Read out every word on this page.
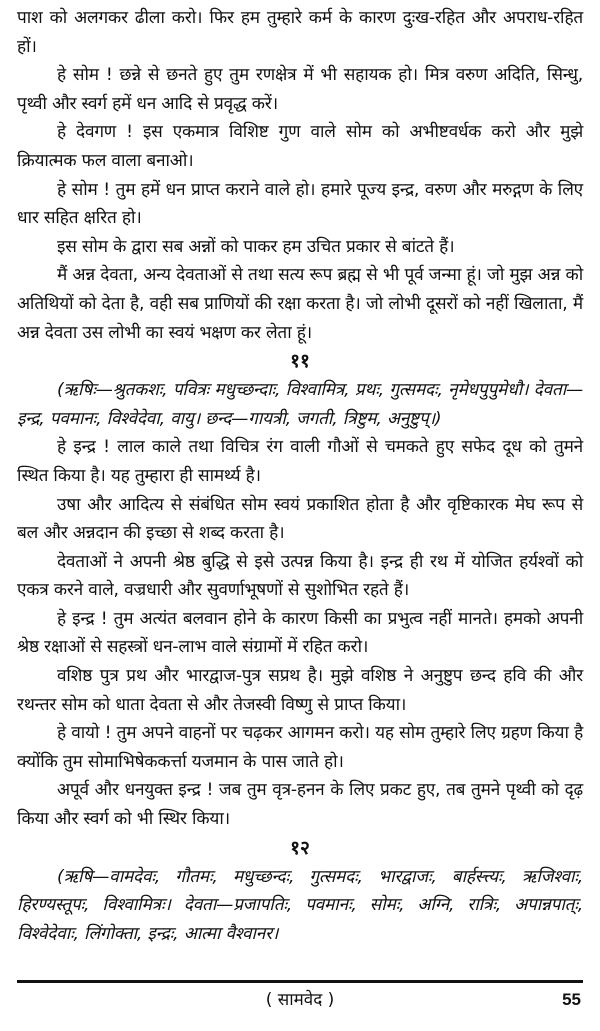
पाश को अलगकर ढीला करो। फिर हम तुम्हारे कर्म के कारण दुःख-रहित और अपराध-रहित हों।

हे सोम ! छन्ने से छनते हुए तुम रणक्षेत्र में भी सहायक हो। मित्र वरुण अदिति, सिन्धु, पृथ्वी और स्वर्ग हमें धन आदि से प्रवृद्ध करें।

हे देवगण ! इस एकमात्र विशिष्ट गुण वाले सोम को अभीष्टवर्धक करो और मुझे क्रियात्मक फल वाला बनाओ।

हे सोम ! तुम हमें धन प्राप्त कराने वाले हो। हमारे पूज्य इन्द्र, वरुण और मरुद्गण के लिए धार सहित क्षरित हो।

इस सोम के द्वारा सब अन्नों को पाकर हम उचित प्रकार से बांटते हैं।

मैं अन्न देवता, अन्य देवताओं से तथा सत्य रूप ब्रह्म से भी पूर्व जन्मा हूं। जो मुझ अन्न को अतिथियों को देता है, वही सब प्राणियों की रक्षा करता है। जो लोभी दूसरों को नहीं खिलाता, मैं अन्न देवता उस लोभी का स्वयं भक्षण कर लेता हूं।

११

(ऋषिः—श्रुतकशः, पवित्रः मधुच्छन्दाः, विश्वामित्र, प्रथः, गुत्समदः, नृमेधपुपुमेधौ। देवता—इन्द्र, पवमानः, विश्वेदेवा, वायु। छन्द—गायत्री, जगती, त्रिष्टुम, अनुष्टुप्।)

हे इन्द्र ! लाल काले तथा विचित्र रंग वाली गौओं से चमकते हुए सफेद दूध को तुमने स्थित किया है। यह तुम्हारा ही सामर्थ्य है।

उषा और आदित्य से संबंधित सोम स्वयं प्रकाशित होता है और वृष्टिकारक मेघ रूप से बल और अन्नदान की इच्छा से शब्द करता है।

देवताओं ने अपनी श्रेष्ठ बुद्धि से इसे उत्पन्न किया है। इन्द्र ही रथ में योजित हर्यश्वों को एकत्र करने वाले, वज्रधारी और सुवर्णाभूषणों से सुशोभित रहते हैं।

हे इन्द्र ! तुम अत्यंत बलवान होने के कारण किसी का प्रभुत्व नहीं मानते। हमको अपनी श्रेष्ठ रक्षाओं से सहस्त्रों धन-लाभ वाले संग्रामों में रहित करो।

वशिष्ठ पुत्र प्रथ और भारद्वाज-पुत्र सप्रथ है। मुझे वशिष्ठ ने अनुष्टुप छन्द हवि की और रथन्तर सोम को धाता देवता से और तेजस्वी विष्णु से प्राप्त किया।

हे वायो ! तुम अपने वाहनों पर चढ़कर आगमन करो। यह सोम तुम्हारे लिए ग्रहण किया है क्योंकि तुम सोमाभिषेककर्त्ता यजमान के पास जाते हो।

अपूर्व और धनयुक्त इन्द्र ! जब तुम वृत्र-हनन के लिए प्रकट हुए, तब तुमने पृथ्वी को दृढ़ किया और स्वर्ग को भी स्थिर किया।

१२

(ऋषि—वामदेवः, गौतमः, मधुच्छन्दः, गुत्समदः, भारद्वाजः, बार्हस्त्त्यः, ऋजिश्वाः, हिरण्यस्तूपः, विश्वामित्रः। देवता—प्रजापतिः, पवमानः, सोमः, अग्नि, रात्रिः, अपान्नपात्ः, विश्वेदेवाः, लिंगोक्ता, इन्द्रः, आत्मा वैश्वानर।

( सामवेद )	55
